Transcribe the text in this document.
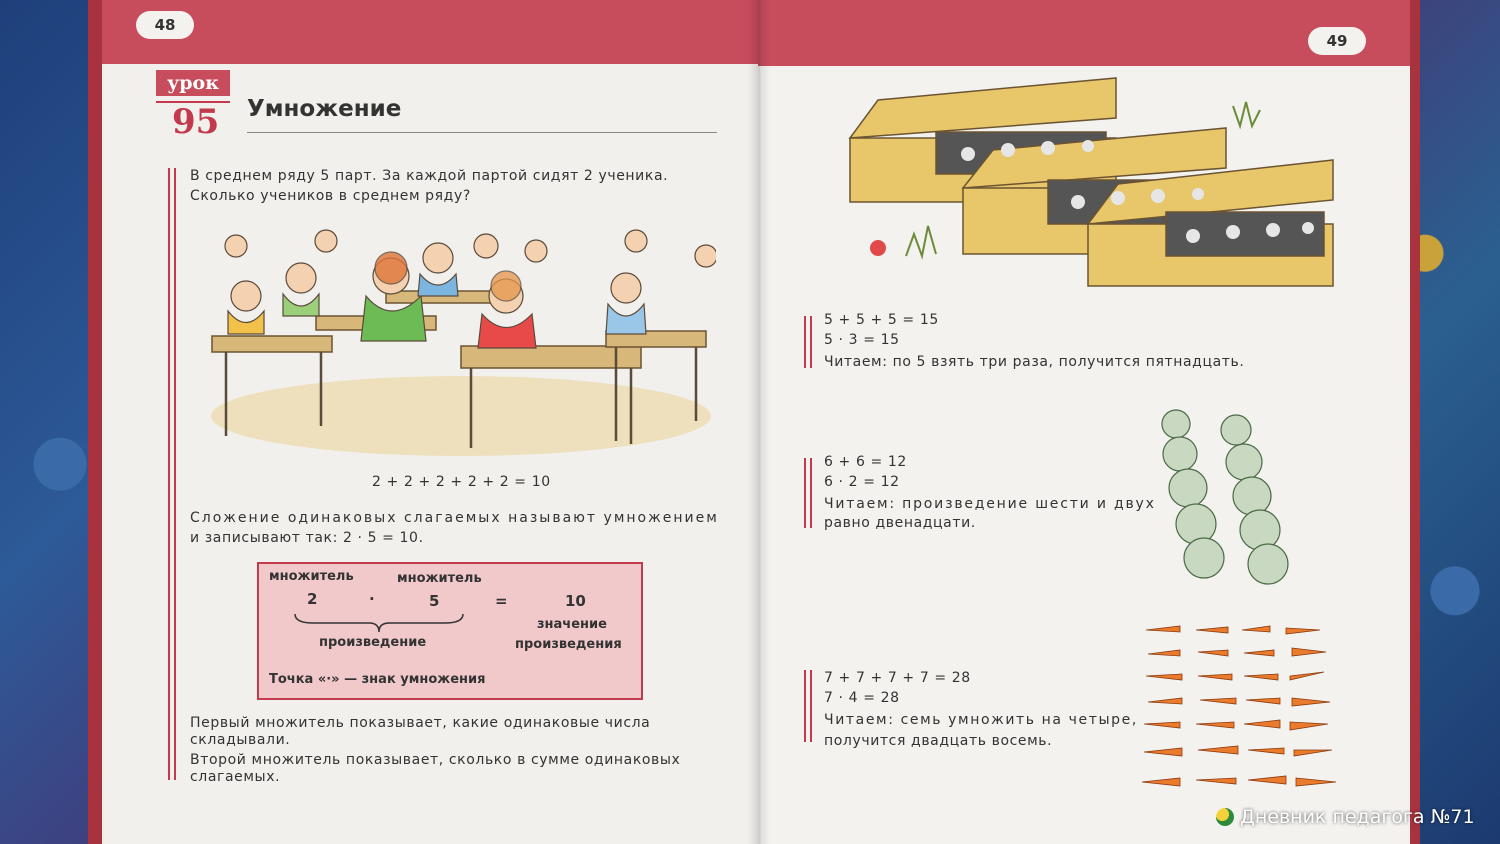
48
урок
95 Умножение
В среднем ряду 5 парт. За каждой партой сидят 2 ученика.
Сколько учеников в среднем ряду?
2 + 2 + 2 + 2 + 2 = 10
Сложение одинаковых слагаемых называют умножением
и записывают так: 2 · 5 = 10.
множитель	множитель
2	·	5	=	10
произведение
значение
произведения
Точка «·» — знак умножения
Первый множитель показывает, какие одинаковые числа
складывали.
Второй множитель показывает, сколько в сумме одинаковых
слагаемых.
49
5 + 5 + 5 = 15
5 · 3 = 15
Читаем: по 5 взять три раза, получится пятнадцать.
6 + 6 = 12
6 · 2 = 12
Читаем: произведение шести и двух
равно двенадцати.
7 + 7 + 7 + 7 = 28
7 · 4 = 28
Читаем: семь умножить на четыре,
получится двадцать восемь.
Дневник педагога №71
